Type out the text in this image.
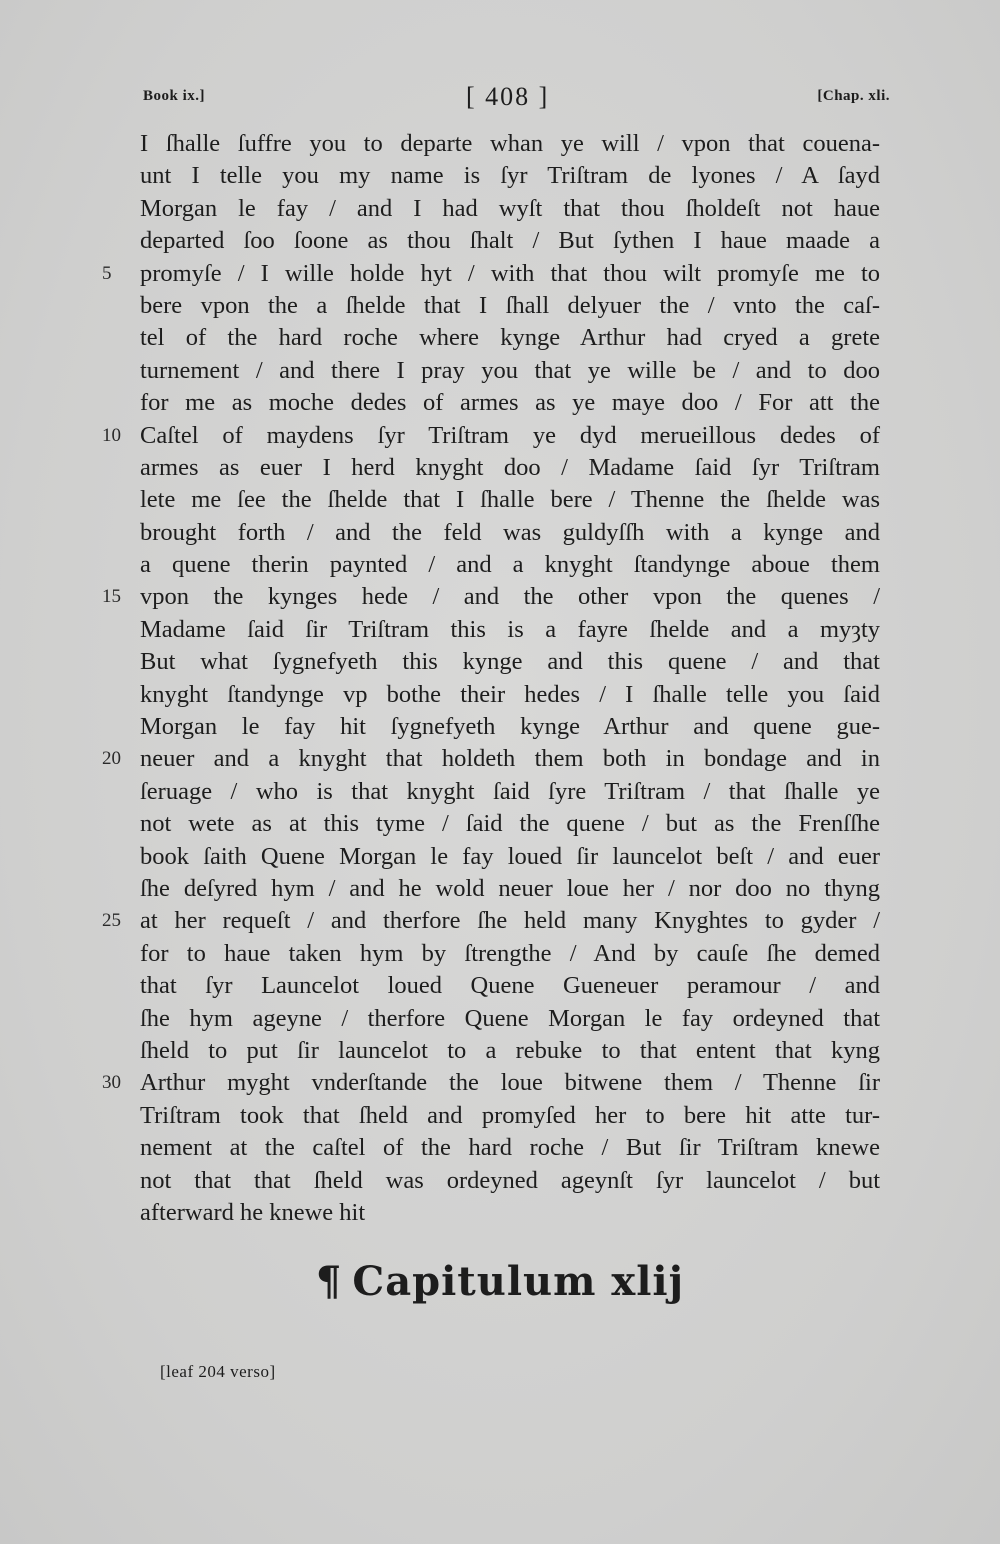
Book ix.]	[ 408 ]	[Chap. xli.
I ſhalle ſuffre you to departe whan ye will / vpon that couena-
unt I telle you my name is ſyr Triſtram de lyones / A ſayd
Morgan le fay / and I had wyſt that thou ſholdeſt not haue
departed ſoo ſoone as thou ſhalt / But ſythen I haue maade a
5	promyſe / I wille holde hyt / with that thou wilt promyſe me to
bere vpon the a ſhelde that I ſhall delyuer the / vnto the caſ-
tel of the hard roche where kynge Arthur had cryed a grete
turnement / and there I pray you that ye wille be / and to doo
for me as moche dedes of armes as ye maye doo / For att the
10 Caſtel of maydens ſyr Triſtram ye dyd merueillous dedes of
armes as euer I herd knyght doo / Madame ſaid ſyr Triſtram
lete me ſee the ſhelde that I ſhalle bere / Thenne the ſhelde was
brought forth / and the feld was guldyſſh with a kynge and
a quene therin paynted / and a knyght ſtandynge aboue them
15 vpon the kynges hede / and the other vpon the quenes /
Madame ſaid ſir Triſtram this is a fayre ſhelde and a myȝty
But what ſygnefyeth this kynge and this quene / and that
knyght ſtandynge vp bothe their hedes / I ſhalle telle you ſaid
Morgan le fay hit ſygnefyeth kynge Arthur and quene gue-
20 neuer and a knyght that holdeth them both in bondage and in
ſeruage / who is that knyght ſaid ſyre Triſtram / that ſhalle ye
not wete as at this tyme / ſaid the quene / but as the Frenſſhe
book ſaith Quene Morgan le fay loued ſir launcelot beſt / and euer
ſhe deſyred hym / and he wold neuer loue her / nor doo no thyng
25 at her requeſt / and therfore ſhe held many Knyghtes to gyder /
for to haue taken hym by ſtrengthe / And by cauſe ſhe demed
that ſyr Launcelot loued Quene Gueneuer peramour / and
ſhe hym ageyne / therfore Quene Morgan le fay ordeyned that
ſheld to put ſir launcelot to a rebuke to that entent that kyng
30 Arthur myght vnderſtande the loue bitwene them / Thenne ſir
Triſtram took that ſheld and promyſed her to bere hit atte tur-
nement at the caſtel of the hard roche / But ſir Triſtram knewe
not that that ſheld was ordeyned ageynſt ſyr launcelot / but
afterward he knewe hit
¶ Capitulum xlij
[leaf 204 verso]
